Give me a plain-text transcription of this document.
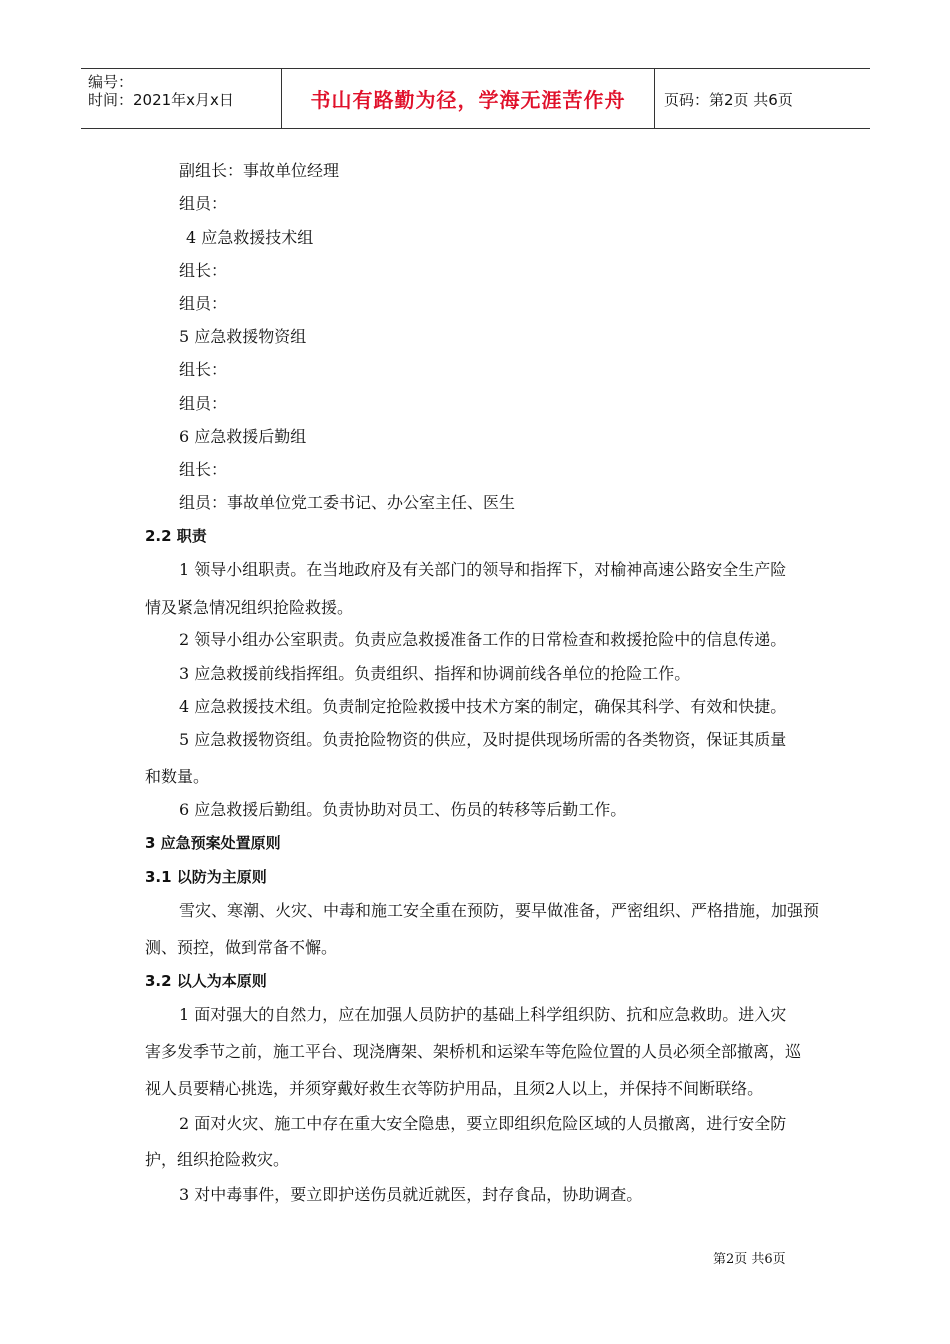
编号：
时间：2021年x月x日	书山有路勤为径，学海无涯苦作舟	页码：第2页 共6页
副组长：事故单位经理
组员：
4 应急救援技术组
组长：
组员：
5 应急救援物资组
组长：
组员：
6 应急救援后勤组
组长：
组员：事故单位党工委书记、办公室主任、医生
2.2 职责
1 领导小组职责。在当地政府及有关部门的领导和指挥下，对榆神高速公路安全生产险
情及紧急情况组织抢险救援。
2 领导小组办公室职责。负责应急救援准备工作的日常检查和救援抢险中的信息传递。
3 应急救援前线指挥组。负责组织、指挥和协调前线各单位的抢险工作。
4 应急救援技术组。负责制定抢险救援中技术方案的制定，确保其科学、有效和快捷。
5 应急救援物资组。负责抢险物资的供应，及时提供现场所需的各类物资，保证其质量
和数量。
6 应急救援后勤组。负责协助对员工、伤员的转移等后勤工作。
3 应急预案处置原则
3.1 以防为主原则
雪灾、寒潮、火灾、中毒和施工安全重在预防，要早做准备，严密组织、严格措施，加强预
测、预控，做到常备不懈。
3.2 以人为本原则
1 面对强大的自然力，应在加强人员防护的基础上科学组织防、抗和应急救助。进入灾
害多发季节之前，施工平台、现浇膺架、架桥机和运梁车等危险位置的人员必须全部撤离，巡
视人员要精心挑选，并须穿戴好救生衣等防护用品，且须2人以上，并保持不间断联络。
2 面对火灾、施工中存在重大安全隐患，要立即组织危险区域的人员撤离，进行安全防
护，组织抢险救灾。
3 对中毒事件，要立即护送伤员就近就医，封存食品，协助调查。
第2页 共6页
